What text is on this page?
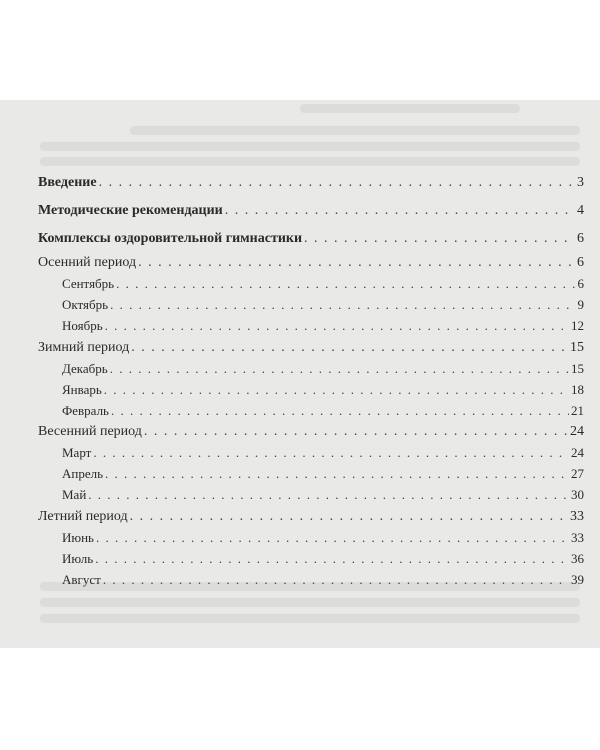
Введение . . .	3
Методические рекомендации . . .	4
Комплексы оздоровительной гимнастики . . .	6
Осенний период . . .	6
Сентябрь . . .	6
Октябрь . . .	9
Ноябрь . . .	12
Зимний период . . .	15
Декабрь . . .	15
Январь . . .	18
Февраль . . .	21
Весенний период . . .	24
Март . . .	24
Апрель . . .	27
Май . . .	30
Летний период . . .	33
Июнь . . .	33
Июль . . .	36
Август . . .	39
